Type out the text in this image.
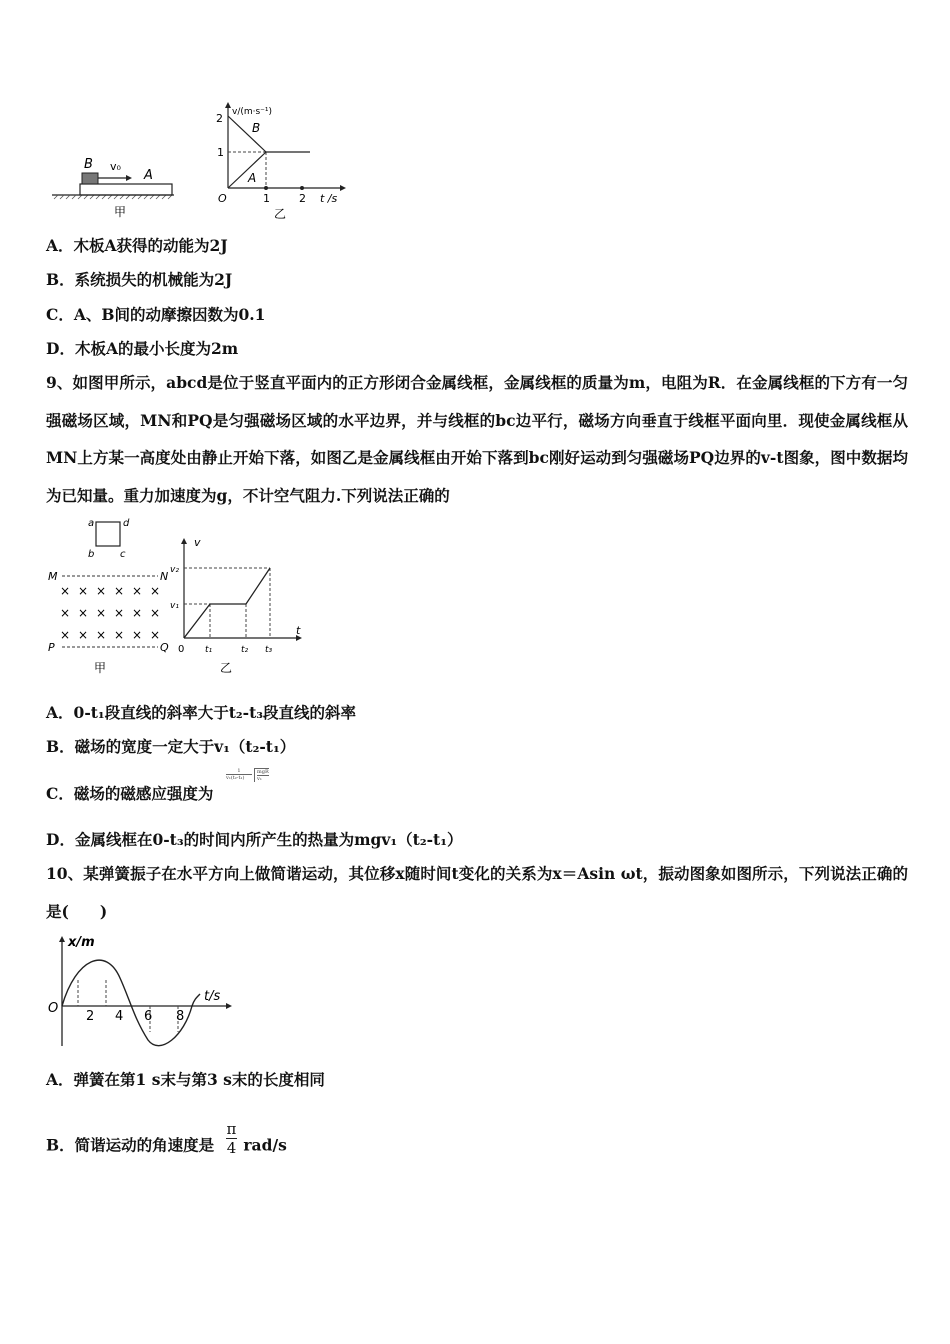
B v₀
A
甲
v/(m·s⁻¹)
2
1
O	1	2 t /s
B
A
乙
A．木板A获得的动能为2J
B．系统损失的机械能为2J
C．A、B间的动摩擦因数为0.1
D．木板A的最小长度为2m
9、如图甲所示，abcd是位于竖直平面内的正方形闭合金属线框，金属线框的质量为m，电阻为R．在金属线框的下方有一匀强磁场区域，MN和PQ是匀强磁场区域的水平边界，并与线框的bc边平行，磁场方向垂直于线框平面向里．现使金属线框从MN上方某一高度处由静止开始下落，如图乙是金属线框由开始下落到bc刚好运动到匀强磁场PQ边界的v-t图象，图中数据均为已知量。重力加速度为g，不计空气阻力.下列说法正确的
a	d
b	c
M	N
P	Q
× × × × × ×
× × × × × ×
× × × × × ×
甲
v
t
0
v₂
v₁
t₁	t₂ t₃
乙
A．0-t₁段直线的斜率大于t₂-t₃段直线的斜率
B．磁场的宽度一定大于v₁（t₂-t₁）
C．磁场的磁感应强度为
1
v₁(t₂-t₁)
mgR
v₁
D．金属线框在0-t₃的时间内所产生的热量为mgv₁（t₂-t₁）
10、某弹簧振子在水平方向上做简谐运动，其位移x随时间t变化的关系为x＝Asin ωt，振动图象如图所示，下列说法正确的是(　　)
x/m
t/s
O
2 4 6 8
A．弹簧在第1 s末与第3 s末的长度相同
B．简谐运动的角速度是 $\frac{\pi}{4} rad/s$
